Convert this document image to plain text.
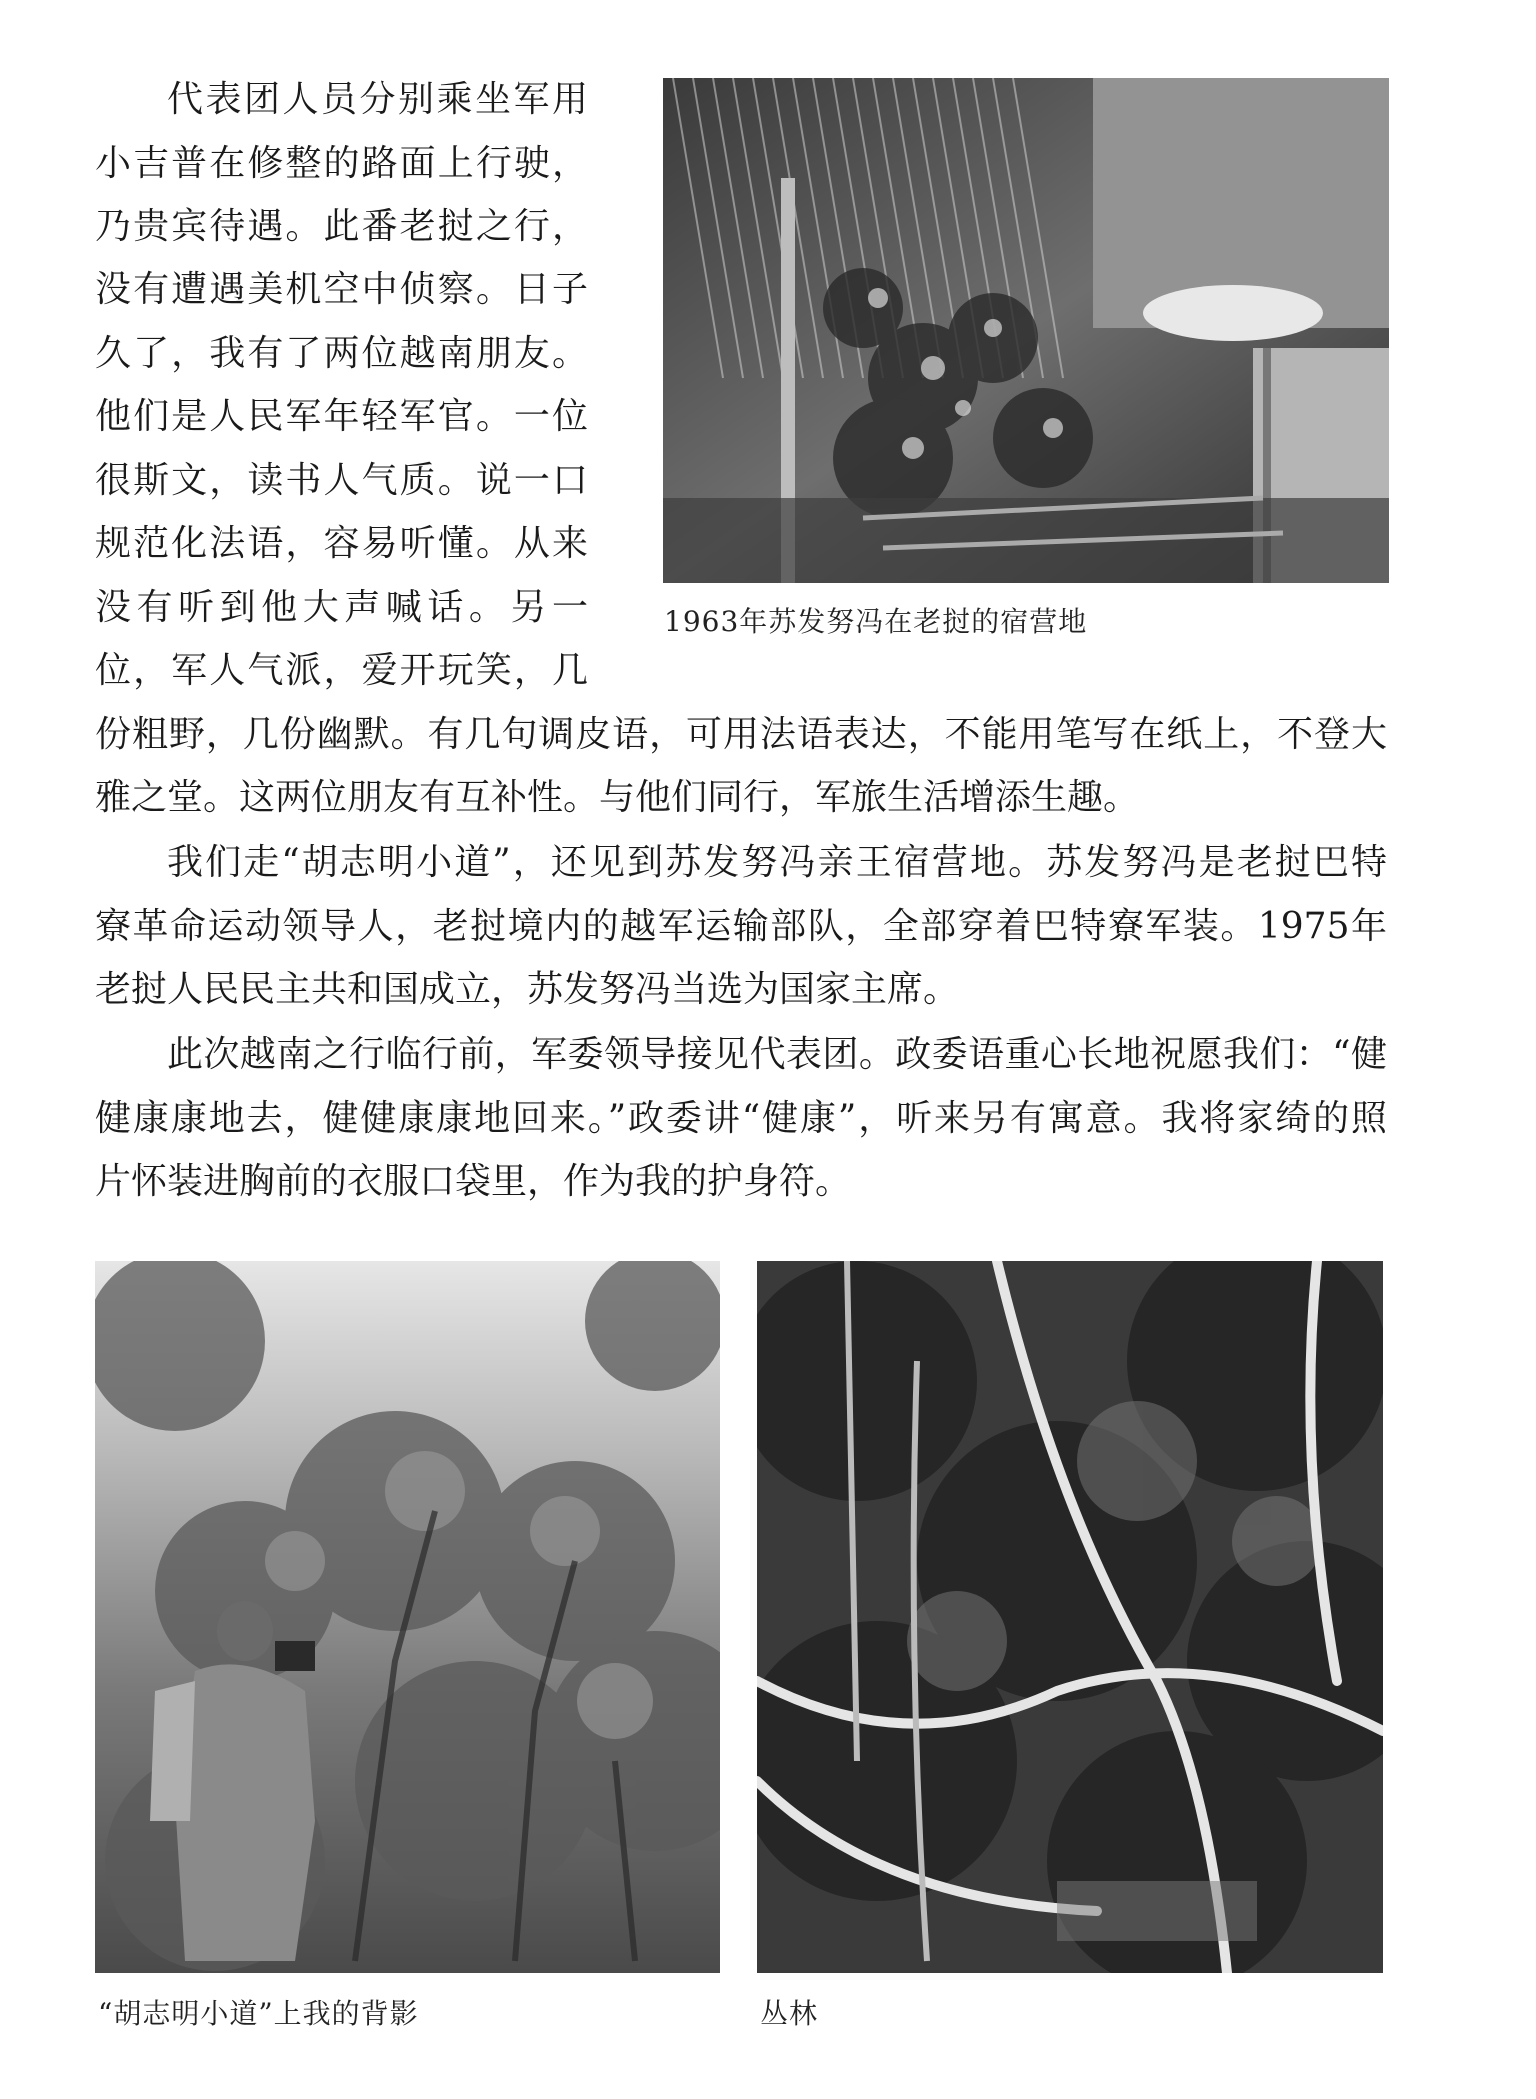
1963年苏发努冯在老挝的宿营地
代表团人员分别乘坐军用
小吉普在修整的路面上行驶，
乃贵宾待遇。此番老挝之行，
没有遭遇美机空中侦察。日子
久了，我有了两位越南朋友。
他们是人民军年轻军官。一位
很斯文，读书人气质。说一口
规范化法语，容易听懂。从来
没有听到他大声喊话。另一
位，军人气派，爱开玩笑，几
份粗野，几份幽默。有几句调皮语，可用法语表达，不能用笔写在纸上，不登大
雅之堂。这两位朋友有互补性。与他们同行，军旅生活增添生趣。
我们走“胡志明小道”，还见到苏发努冯亲王宿营地。苏发努冯是老挝巴特
寮革命运动领导人，老挝境内的越军运输部队，全部穿着巴特寮军装。1975年
老挝人民民主共和国成立，苏发努冯当选为国家主席。
此次越南之行临行前，军委领导接见代表团。政委语重心长地祝愿我们：“健
健康康地去，健健康康地回来。”政委讲“健康”，听来另有寓意。我将家绮的照
片怀装进胸前的衣服口袋里，作为我的护身符。
“胡志明小道”上我的背影	丛林
